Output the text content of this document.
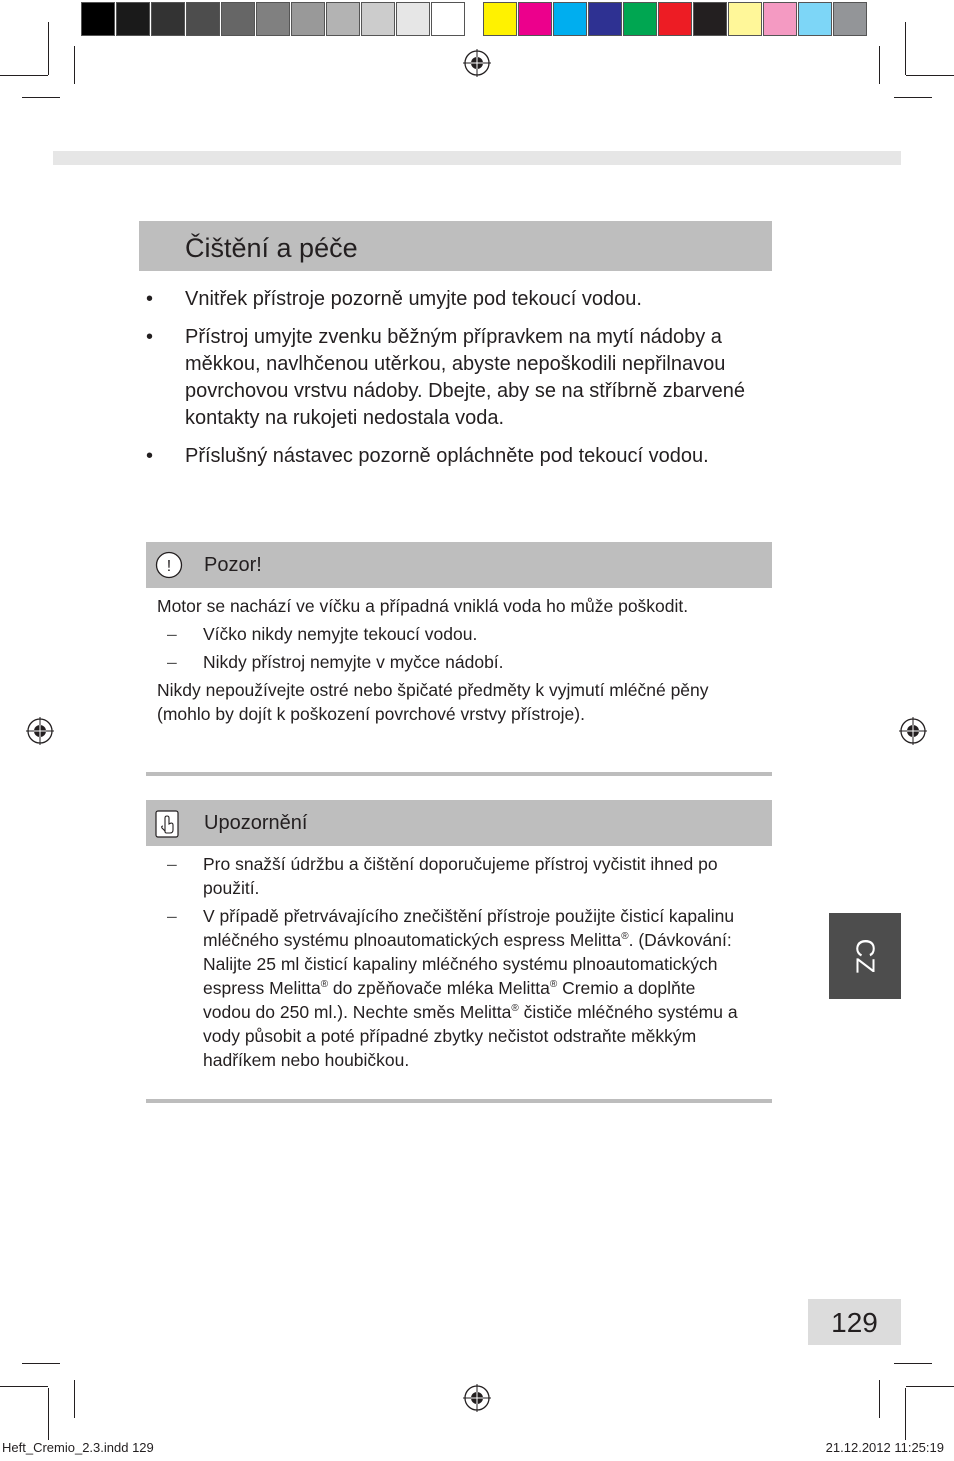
Čištění a péče
• Vnitřek přístroje pozorně umyjte pod tekoucí vodou.
• Přístroj umyjte zvenku běžným přípravkem na mytí nádoby a měkkou, navlhčenou utěrkou, abyste nepoškodili nepřilnavou povrchovou vrstvu nádoby. Dbejte, aby se na stříbrně zbarvené kontakty na rukojeti nedostala voda.
• Příslušný nástavec pozorně opláchněte pod tekoucí vodou.
! Pozor!

Motor se nachází ve víčku a případná vniklá voda ho může poškodit.

– Víčko nikdy nemyjte tekoucí vodou.
– Nikdy přístroj nemyjte v myčce nádobí.

Nikdy nepoužívejte ostré nebo špičaté předměty k vyjmutí mléčné pěny (mohlo by dojít k poškození povrchové vrstvy přístroje).

Upozornění
– Pro snažší údržbu a čištění doporučujeme přístroj vyčistit ihned po použití.
– V případě přetrvávajícího znečištění přístroje použijte čisticí kapalinu mléčného systému plnoautomatických espress Melitta®. (Dávkování: Nalijte 25 ml čisticí kapaliny mléčného systému plnoautomatických espress Melitta® do zpěňovače mléka Melitta® Cremio a doplňte vodou do 250 ml.). Nechte směs Melitta® čističe mléčného systému a vody působit a poté případné zbytky nečistot odstraňte měkkým hadříkem nebo houbičkou.
CZ
129
Heft_Cremio_2.3.indd 129	21.12.2012 11:25:19
